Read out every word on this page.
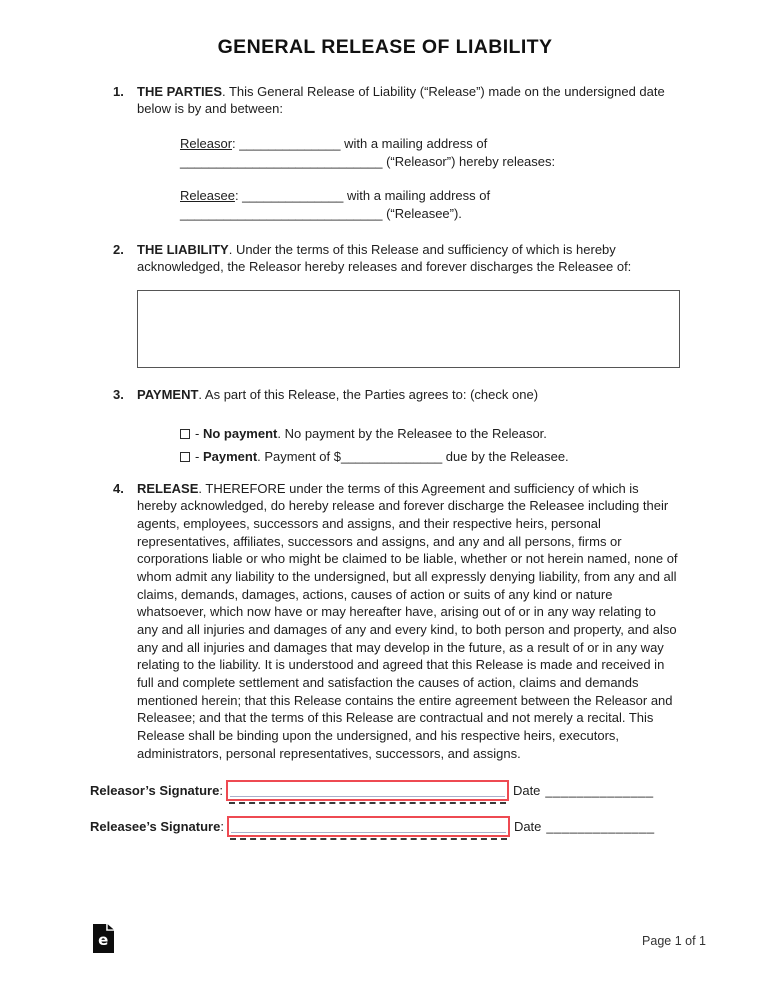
GENERAL RELEASE OF LIABILITY
1.	THE PARTIES. This General Release of Liability (“Release”) made on the undersigned date below is by and between:

Releasor: ______________ with a mailing address of
____________________________ (“Releasor”) hereby releases:
Releasee: ______________ with a mailing address of
____________________________ (“Releasee”).
2.	THE LIABILITY. Under the terms of this Release and sufficiency of which is hereby acknowledged, the Releasor hereby releases and forever discharges the Releasee of:

3.	PAYMENT. As part of this Release, the Parties agrees to: (check one)

- No payment. No payment by the Releasee to the Releasor.
- Payment. Payment of $______________ due by the Releasee.
4.	RELEASE. THEREFORE under the terms of this Agreement and sufficiency of which is hereby acknowledged, do hereby release and forever discharge the Releasee including their agents, employees, successors and assigns, and their respective heirs, personal representatives, affiliates, successors and assigns, and any and all persons, firms or corporations liable or who might be claimed to be liable, whether or not herein named, none of whom admit any liability to the undersigned, but all expressly denying liability, from any and all claims, demands, damages, actions, causes of action or suits of any kind or nature whatsoever, which now have or may hereafter have, arising out of or in any way relating to any and all injuries and damages of any and every kind, to both person and property, and also any and all injuries and damages that may develop in the future, as a result of or in any way relating to the liability. It is understood and agreed that this Release is made and received in full and complete settlement and satisfaction the causes of action, claims and demands mentioned herein; that this Release contains the entire agreement between the Releasor and Releasee; and that the terms of this Release are contractual and not merely a recital. This Release shall be binding upon the undersigned, and his respective heirs, executors, administrators, personal representatives, successors, and assigns.

Releasor’s Signature :	Date ______________
Releasee’s Signature :	Date ______________
e	Page 1 of 1
